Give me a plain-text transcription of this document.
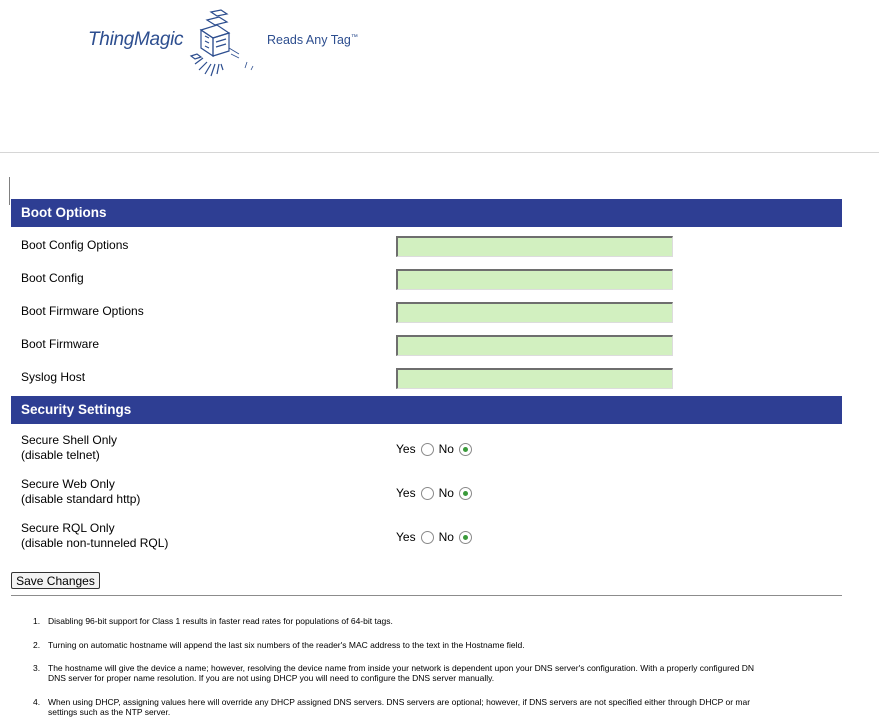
ThingMagic	Reads Any Tag™
Boot Options
Boot Config Options
Boot Config
Boot Firmware Options
Boot Firmware
Syslog Host
Security Settings
Secure Shell Only
(disable telnet)	Yes No
Secure Web Only
(disable standard http)	Yes No
Secure RQL Only
(disable non-tunneled RQL)	Yes No
Save Changes
1. Disabling 96-bit support for Class 1 results in faster read rates for populations of 64-bit tags.
2. Turning on automatic hostname will append the last six numbers of the reader's MAC address to the text in the Hostname field.
3. The hostname will give the device a name; however, resolving the device name from inside your network is dependent upon your DNS server's configuration. With a properly configured DN
DNS server for proper name resolution. If you are not using DHCP you will need to configure the DNS server manually.
4. When using DHCP, assigning values here will override any DHCP assigned DNS servers. DNS servers are optional; however, if DNS servers are not specified either through DHCP or mar
settings such as the NTP server.
